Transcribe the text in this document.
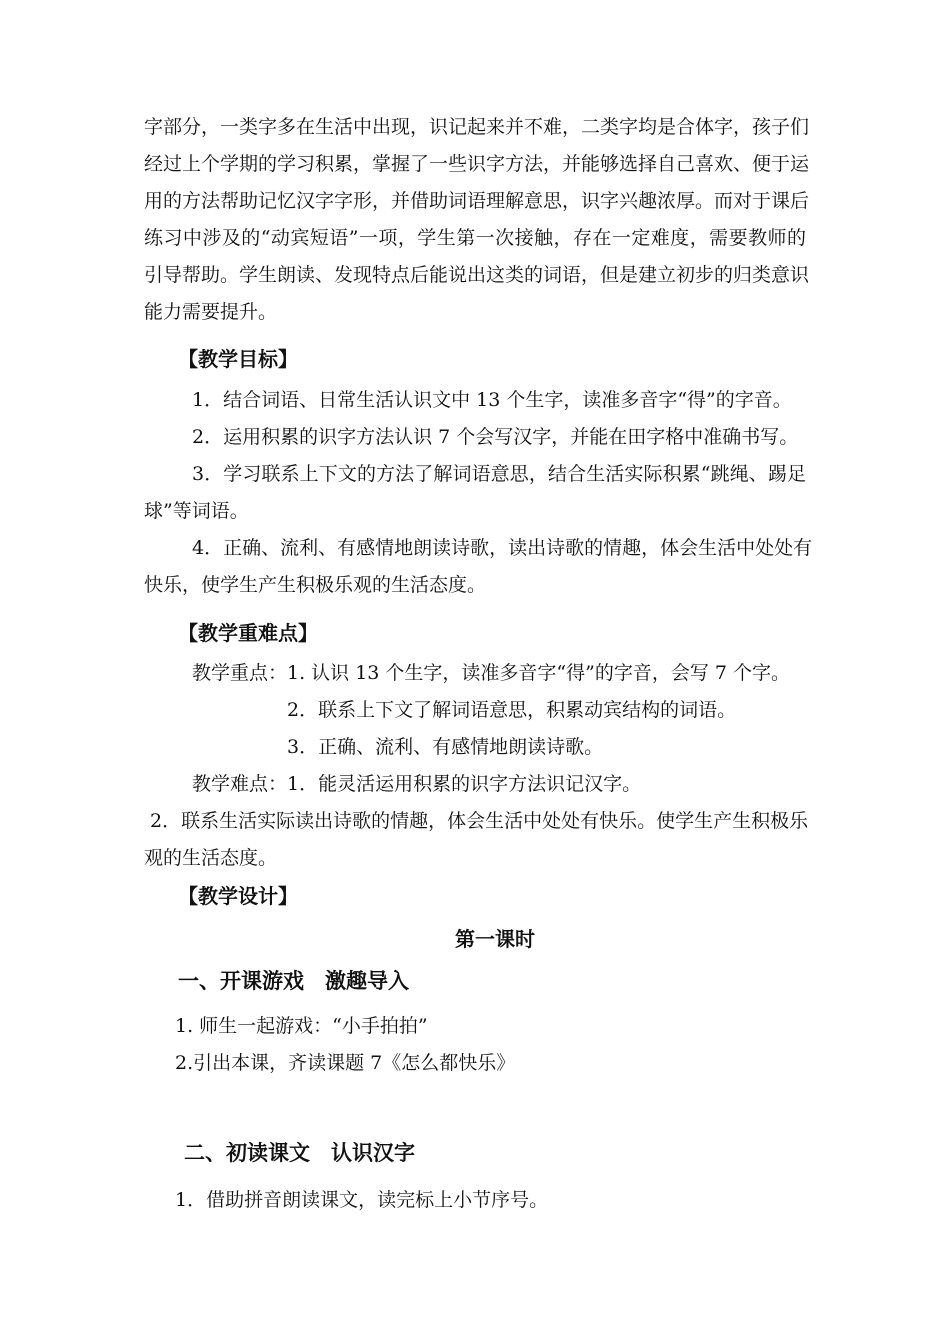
字部分，一类字多在生活中出现，识记起来并不难，二类字均是合体字，孩子们
经过上个学期的学习积累，掌握了一些识字方法，并能够选择自己喜欢、便于运
用的方法帮助记忆汉字字形，并借助词语理解意思，识字兴趣浓厚。而对于课后
练习中涉及的“动宾短语”一项，学生第一次接触，存在一定难度，需要教师的
引导帮助。学生朗读、发现特点后能说出这类的词语，但是建立初步的归类意识
能力需要提升。
【教学目标】
1．结合词语、日常生活认识文中 13 个生字，读准多音字“得”的字音。
2．运用积累的识字方法认识 7 个会写汉字，并能在田字格中准确书写。
3．学习联系上下文的方法了解词语意思，结合生活实际积累“跳绳、踢足
球”等词语。
4．正确、流利、有感情地朗读诗歌，读出诗歌的情趣，体会生活中处处有
快乐，使学生产生积极乐观的生活态度。
【教学重难点】
教学重点：1. 认识 13 个生字，读准多音字“得”的字音，会写 7 个字。
2．联系上下文了解词语意思，积累动宾结构的词语。
3．正确、流利、有感情地朗读诗歌。
教学难点：1．能灵活运用积累的识字方法识记汉字。
2．联系生活实际读出诗歌的情趣，体会生活中处处有快乐。使学生产生积极乐
观的生活态度。
【教学设计】
第一课时
一、开课游戏　激趣导入
1. 师生一起游戏：“小手拍拍”
2.引出本课，齐读课题 7《怎么都快乐》
二、初读课文　认识汉字
1．借助拼音朗读课文，读完标上小节序号。
